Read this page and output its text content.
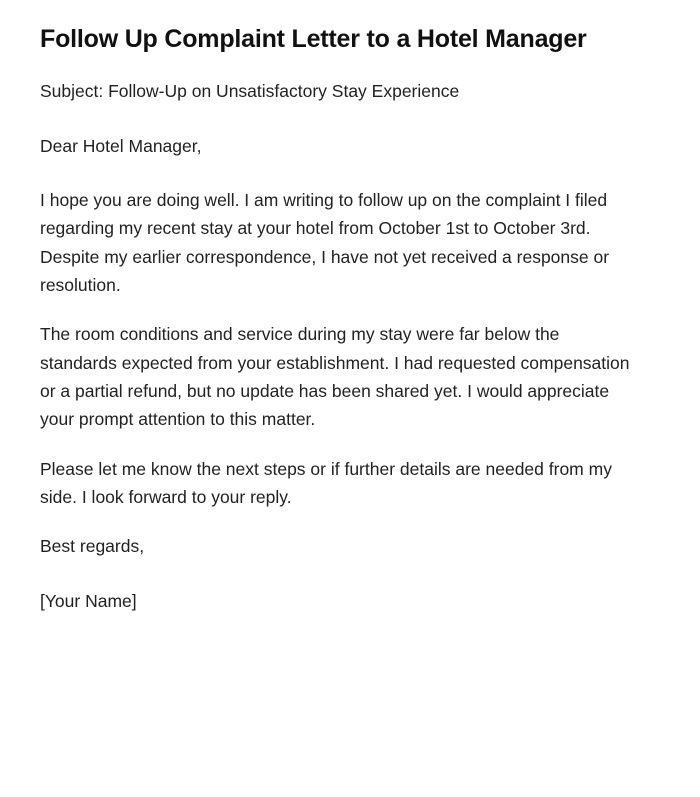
Follow Up Complaint Letter to a Hotel Manager

Subject: Follow-Up on Unsatisfactory Stay Experience

Dear Hotel Manager,

I hope you are doing well. I am writing to follow up on the complaint I filed regarding my recent stay at your hotel from October 1st to October 3rd. Despite my earlier correspondence, I have not yet received a response or resolution.

The room conditions and service during my stay were far below the standards expected from your establishment. I had requested compensation or a partial refund, but no update has been shared yet. I would appreciate your prompt attention to this matter.

Please let me know the next steps or if further details are needed from my side. I look forward to your reply.

Best regards,

[Your Name]
